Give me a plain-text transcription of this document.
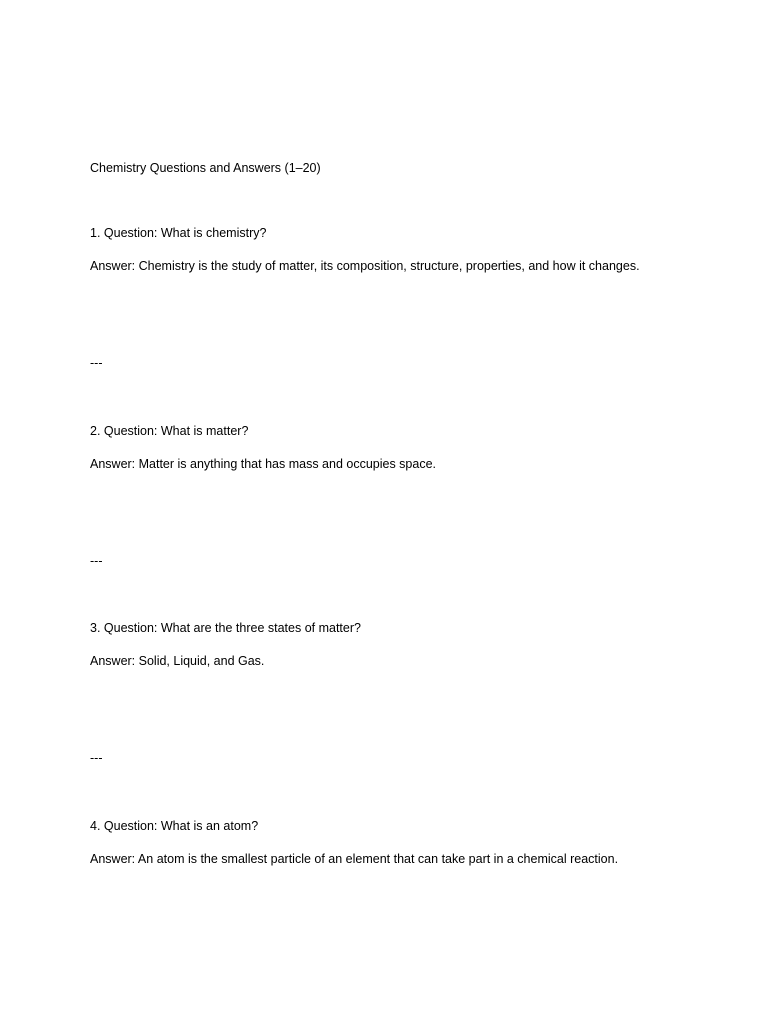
Chemistry Questions and Answers (1–20)
1. Question: What is chemistry?
Answer: Chemistry is the study of matter, its composition, structure, properties, and how it changes.
---
2. Question: What is matter?
Answer: Matter is anything that has mass and occupies space.
---
3. Question: What are the three states of matter?
Answer: Solid, Liquid, and Gas.
---
4. Question: What is an atom?
Answer: An atom is the smallest particle of an element that can take part in a chemical reaction.
